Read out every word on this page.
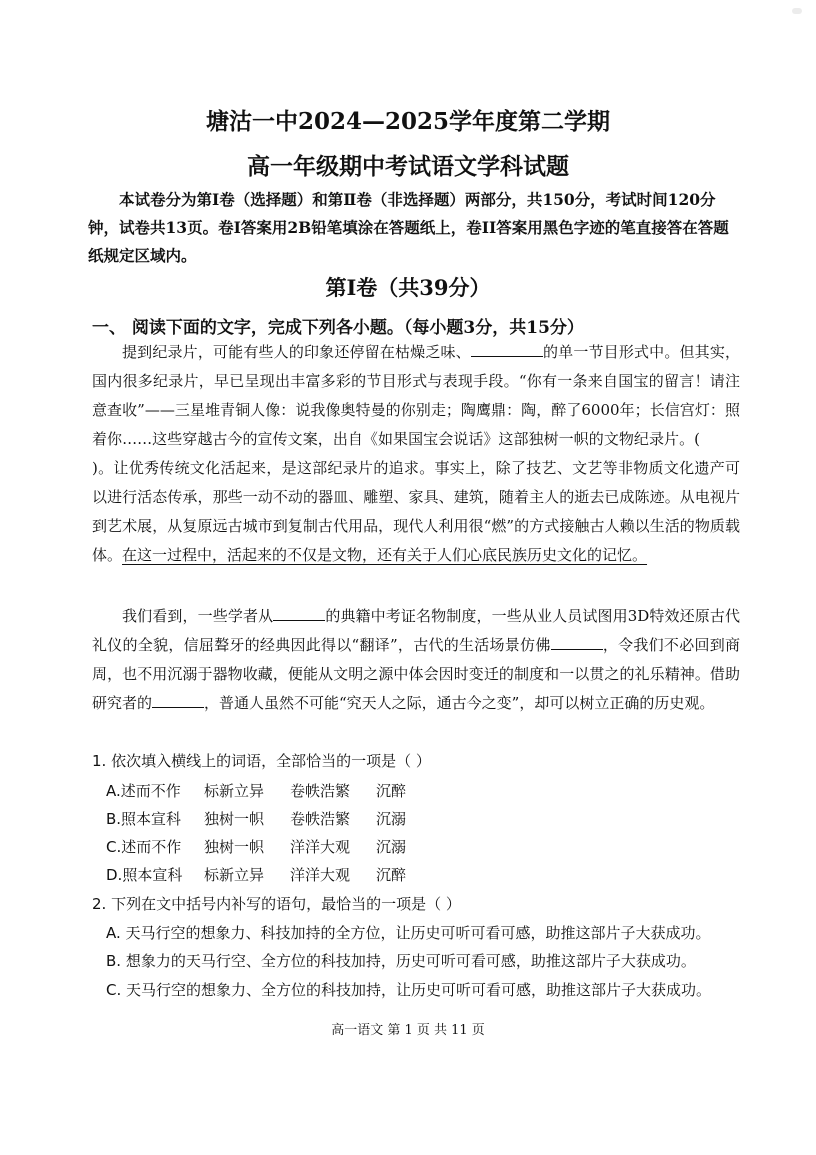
塘沽一中2024—2025学年度第二学期
高一年级期中考试语文学科试题

本试卷分为第Ⅰ卷（选择题）和第Ⅱ卷（非选择题）两部分，共150分，考试时间120分钟，试卷共13页。卷I答案用2B铅笔填涂在答题纸上，卷II答案用黑色字迹的笔直接答在答题纸规定区域内。

第I卷（共39分）
一、 阅读下面的文字，完成下列各小题。（每小题3分，共15分）

提到纪录片，可能有些人的印象还停留在枯燥乏味、	的单一节目形式中。但其实，国内很多纪录片，早已呈现出丰富多彩的节目形式与表现手段。“你有一条来自国宝的留言！请注意查收”——三星堆青铜人像：说我像奥特曼的你别走；陶鹰鼎：陶，醉了6000年；长信宫灯：照着你……这些穿越古今的宣传文案，出自《如果国宝会说话》这部独树一帜的文物纪录片。()。让优秀传统文化活起来，是这部纪录片的追求。事实上，除了技艺、文艺等非物质文化遗产可以进行活态传承，那些一动不动的器皿、雕塑、家具、建筑，随着主人的逝去已成陈迹。从电视片到艺术展，从复原远古城市到复制古代用品，现代人利用很“燃”的方式接触古人赖以生活的物质载体。在这一过程中，活起来的不仅是文物，还有关于人们心底民族历史文化的记忆。

我们看到，一些学者从	的典籍中考证名物制度，一些从业人员试图用3D特效还原古代礼仪的全貌，信屈聱牙的经典因此得以“翻译”，古代的生活场景仿佛	，令我们不必回到商周，也不用沉溺于器物收藏，便能从文明之源中体会因时变迁的制度和一以贯之的礼乐精神。借助研究者的	，普通人虽然不可能“究天人之际，通古今之变”，却可以树立正确的历史观。

1. 依次填入横线上的词语，全部恰当的一项是（ ）
A.述而不作 标新立异 卷帙浩繁 沉醉
B.照本宣科 独树一帜 卷帙浩繁 沉溺
C.述而不作 独树一帜 洋洋大观 沉溺
D.照本宣科 标新立异 洋洋大观 沉醉
2. 下列在文中括号内补写的语句，最恰当的一项是（ ）
A. 天马行空的想象力、科技加持的全方位，让历史可听可看可感，助推这部片子大获成功。
B. 想象力的天马行空、全方位的科技加持，历史可听可看可感，助推这部片子大获成功。
C. 天马行空的想象力、全方位的科技加持，让历史可听可看可感，助推这部片子大获成功。
高一语文 第 1 页 共 11 页
